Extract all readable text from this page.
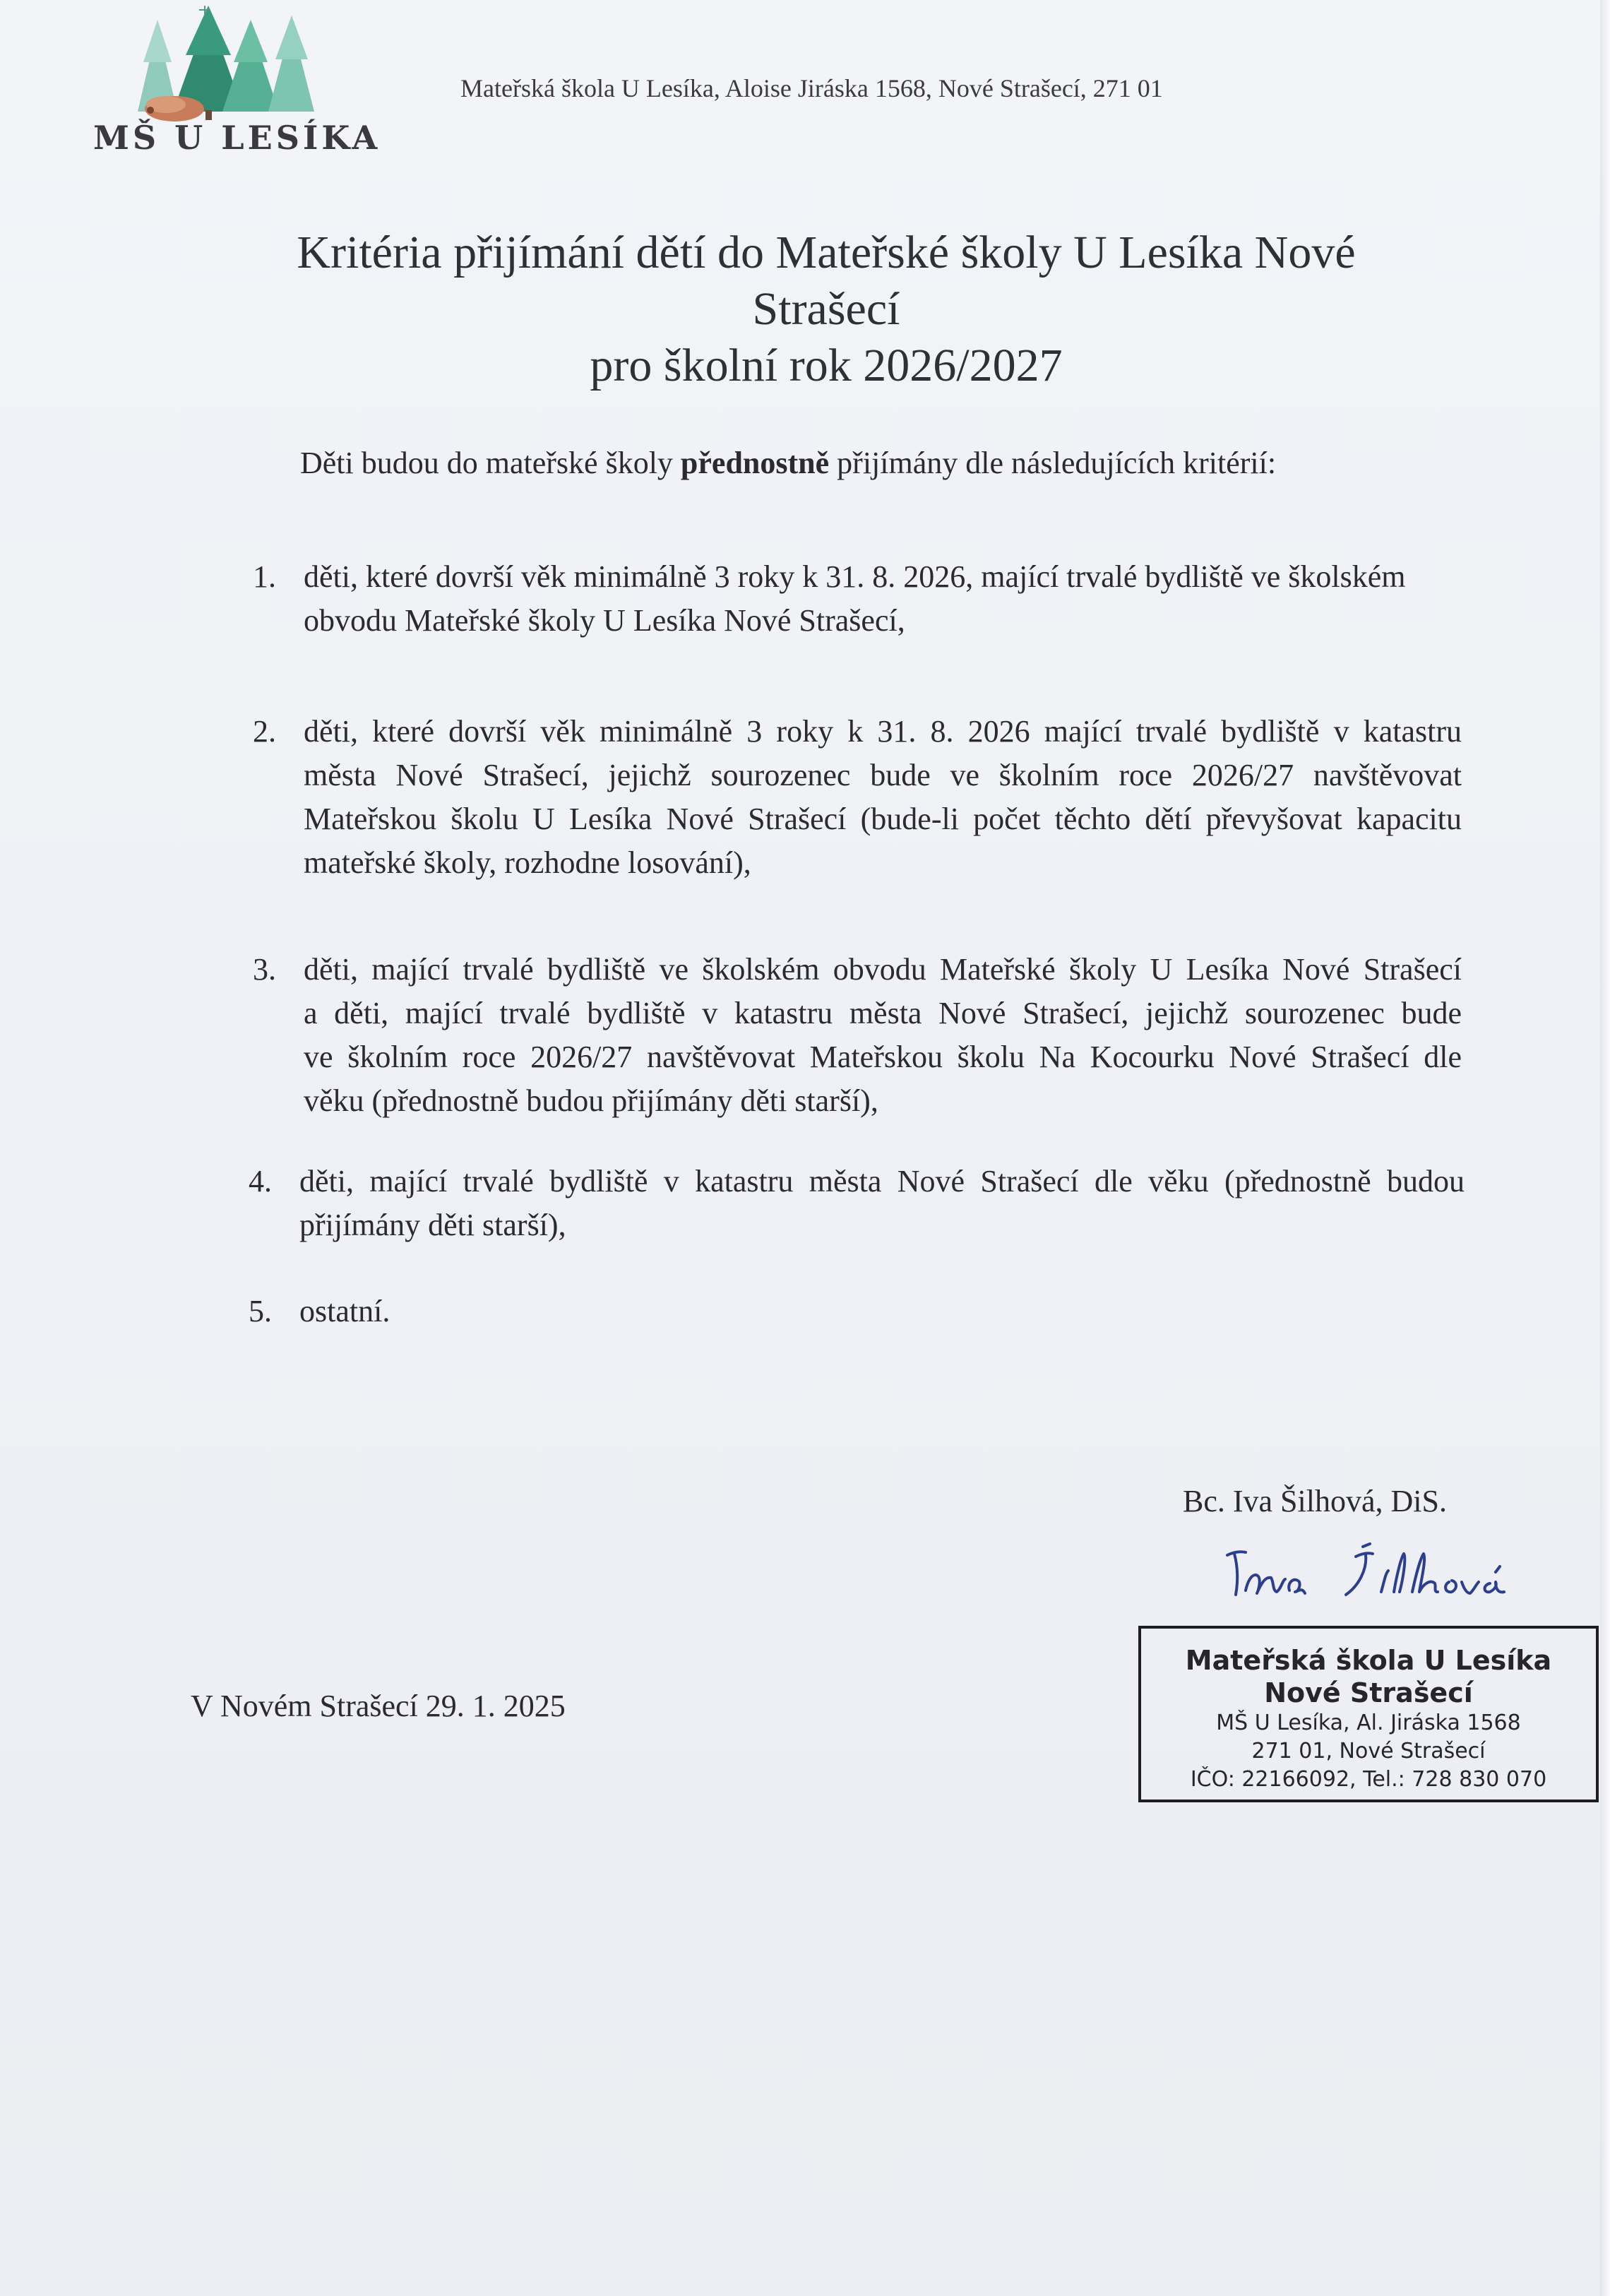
MŠ U LESÍKA
Mateřská škola U Lesíka, Aloise Jiráska 1568, Nové Strašecí, 271 01
Kritéria přijímání dětí do Mateřské školy U Lesíka Nové
Strašecí
pro školní rok 2026/2027
Děti budou do mateřské školy přednostně přijímány dle následujících kritérií:
1. děti, které dovrší věk minimálně 3 roky k 31. 8. 2026, mající trvalé bydliště ve školském
obvodu Mateřské školy U Lesíka Nové Strašecí,
2. děti, které dovrší věk minimálně 3 roky k 31. 8. 2026 mající trvalé bydliště v katastru
města Nové Strašecí, jejichž sourozenec bude ve školním roce 2026/27 navštěvovat
Mateřskou školu U Lesíka Nové Strašecí (bude-li počet těchto dětí převyšovat kapacitu
mateřské školy, rozhodne losování),
3. děti, mající trvalé bydliště ve školském obvodu Mateřské školy U Lesíka Nové Strašecí
a děti, mající trvalé bydliště v katastru města Nové Strašecí, jejichž sourozenec bude
ve školním roce 2026/27 navštěvovat Mateřskou školu Na Kocourku Nové Strašecí dle
věku (přednostně budou přijímány děti starší),
4. děti, mající trvalé bydliště v katastru města Nové Strašecí dle věku (přednostně budou
přijímány děti starší),
5. ostatní.
Bc. Iva Šilhová, DiS.
V Novém Strašecí 29. 1. 2025
Mateřská škola U Lesíka
Nové Strašecí
MŠ U Lesíka, Al. Jiráska 1568
271 01, Nové Strašecí
IČO: 22166092, Tel.: 728 830 070
